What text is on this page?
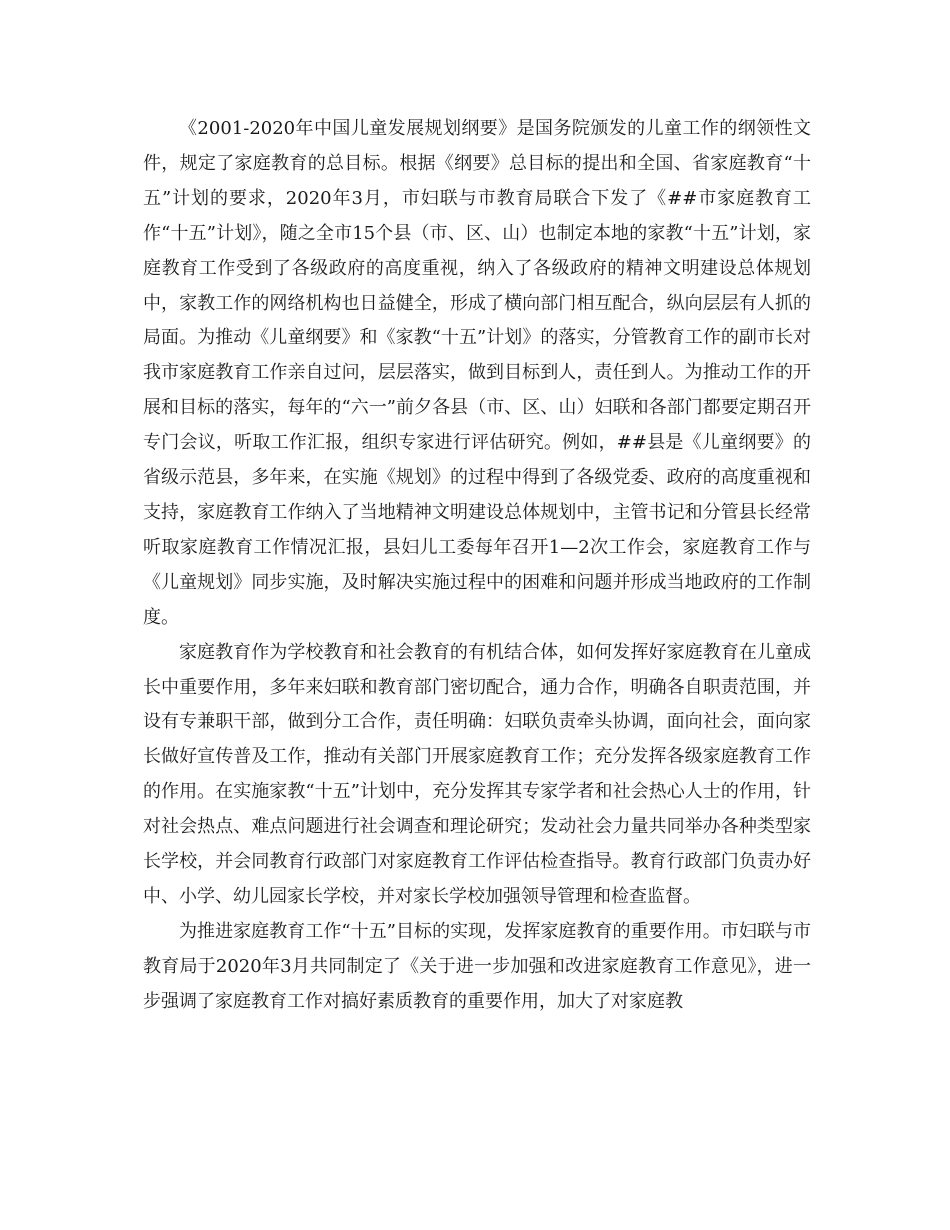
《2001-2020年中国儿童发展规划纲要》是国务院颁发的儿童工作的纲领性文件，规定了家庭教育的总目标。根据《纲要》总目标的提出和全国、省家庭教育“十五”计划的要求，2020年3月，市妇联与市教育局联合下发了《##市家庭教育工作“十五”计划》，随之全市15个县（市、区、山）也制定本地的家教“十五”计划，家庭教育工作受到了各级政府的高度重视，纳入了各级政府的精神文明建设总体规划中，家教工作的网络机构也日益健全，形成了横向部门相互配合，纵向层层有人抓的局面。为推动《儿童纲要》和《家教“十五”计划》的落实，分管教育工作的副市长对我市家庭教育工作亲自过问，层层落实，做到目标到人，责任到人。为推动工作的开展和目标的落实，每年的“六一”前夕各县（市、区、山）妇联和各部门都要定期召开专门会议，听取工作汇报，组织专家进行评估研究。例如，##县是《儿童纲要》的省级示范县，多年来，在实施《规划》的过程中得到了各级党委、政府的高度重视和支持，家庭教育工作纳入了当地精神文明建设总体规划中，主管书记和分管县长经常听取家庭教育工作情况汇报，县妇儿工委每年召开1—2次工作会，家庭教育工作与《儿童规划》同步实施，及时解决实施过程中的困难和问题并形成当地政府的工作制度。

家庭教育作为学校教育和社会教育的有机结合体，如何发挥好家庭教育在儿童成长中重要作用，多年来妇联和教育部门密切配合，通力合作，明确各自职责范围，并设有专兼职干部，做到分工合作，责任明确：妇联负责牵头协调，面向社会，面向家长做好宣传普及工作，推动有关部门开展家庭教育工作；充分发挥各级家庭教育工作的作用。在实施家教“十五”计划中，充分发挥其专家学者和社会热心人士的作用，针对社会热点、难点问题进行社会调查和理论研究；发动社会力量共同举办各种类型家长学校，并会同教育行政部门对家庭教育工作评估检查指导。教育行政部门负责办好中、小学、幼儿园家长学校，并对家长学校加强领导管理和检查监督。

为推进家庭教育工作“十五”目标的实现，发挥家庭教育的重要作用。市妇联与市教育局于2020年3月共同制定了《关于进一步加强和改进家庭教育工作意见》，进一步强调了家庭教育工作对搞好素质教育的重要作用，加大了对家庭教
